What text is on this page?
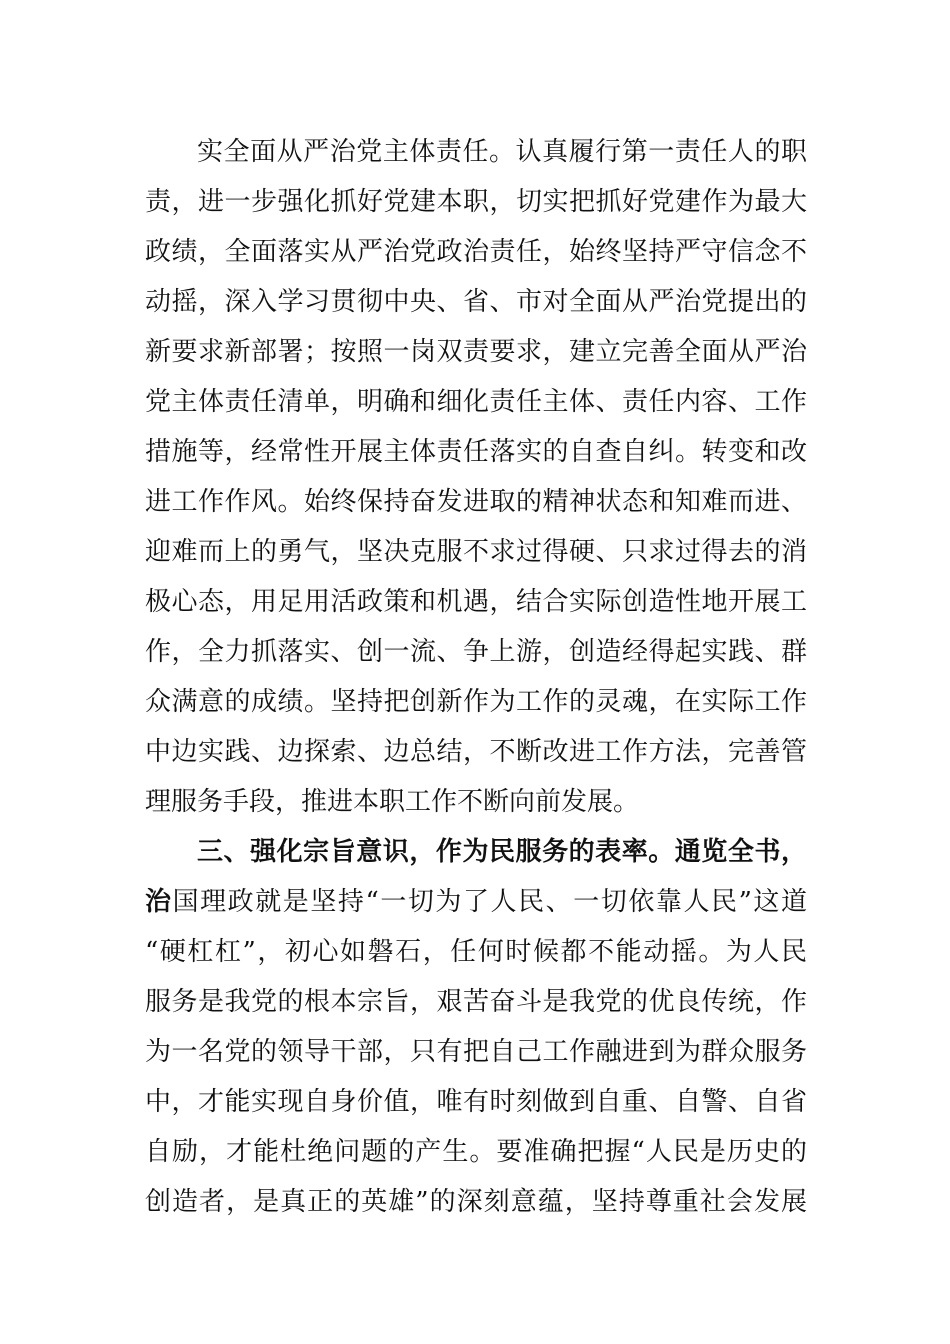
实全面从严治党主体责任。认真履行第一责任人的职
责，进一步强化抓好党建本职，切实把抓好党建作为最大
政绩，全面落实从严治党政治责任，始终坚持严守信念不
动摇，深入学习贯彻中央、省、市对全面从严治党提出的
新要求新部署；按照一岗双责要求，建立完善全面从严治
党主体责任清单，明确和细化责任主体、责任内容、工作
措施等，经常性开展主体责任落实的自查自纠。转变和改
进工作作风。始终保持奋发进取的精神状态和知难而进、
迎难而上的勇气，坚决克服不求过得硬、只求过得去的消
极心态，用足用活政策和机遇，结合实际创造性地开展工
作，全力抓落实、创一流、争上游，创造经得起实践、群
众满意的成绩。坚持把创新作为工作的灵魂，在实际工作
中边实践、边探索、边总结，不断改进工作方法，完善管
理服务手段，推进本职工作不断向前发展。
三、强化宗旨意识，作为民服务的表率。通览全书，
治国理政就是坚持“一切为了人民、一切依靠人民”这道
“硬杠杠”，初心如磐石，任何时候都不能动摇。为人民
服务是我党的根本宗旨，艰苦奋斗是我党的优良传统，作
为一名党的领导干部，只有把自己工作融进到为群众服务
中，才能实现自身价值，唯有时刻做到自重、自警、自省
自励，才能杜绝问题的产生。要准确把握“人民是历史的
创造者，是真正的英雄”的深刻意蕴，坚持尊重社会发展
